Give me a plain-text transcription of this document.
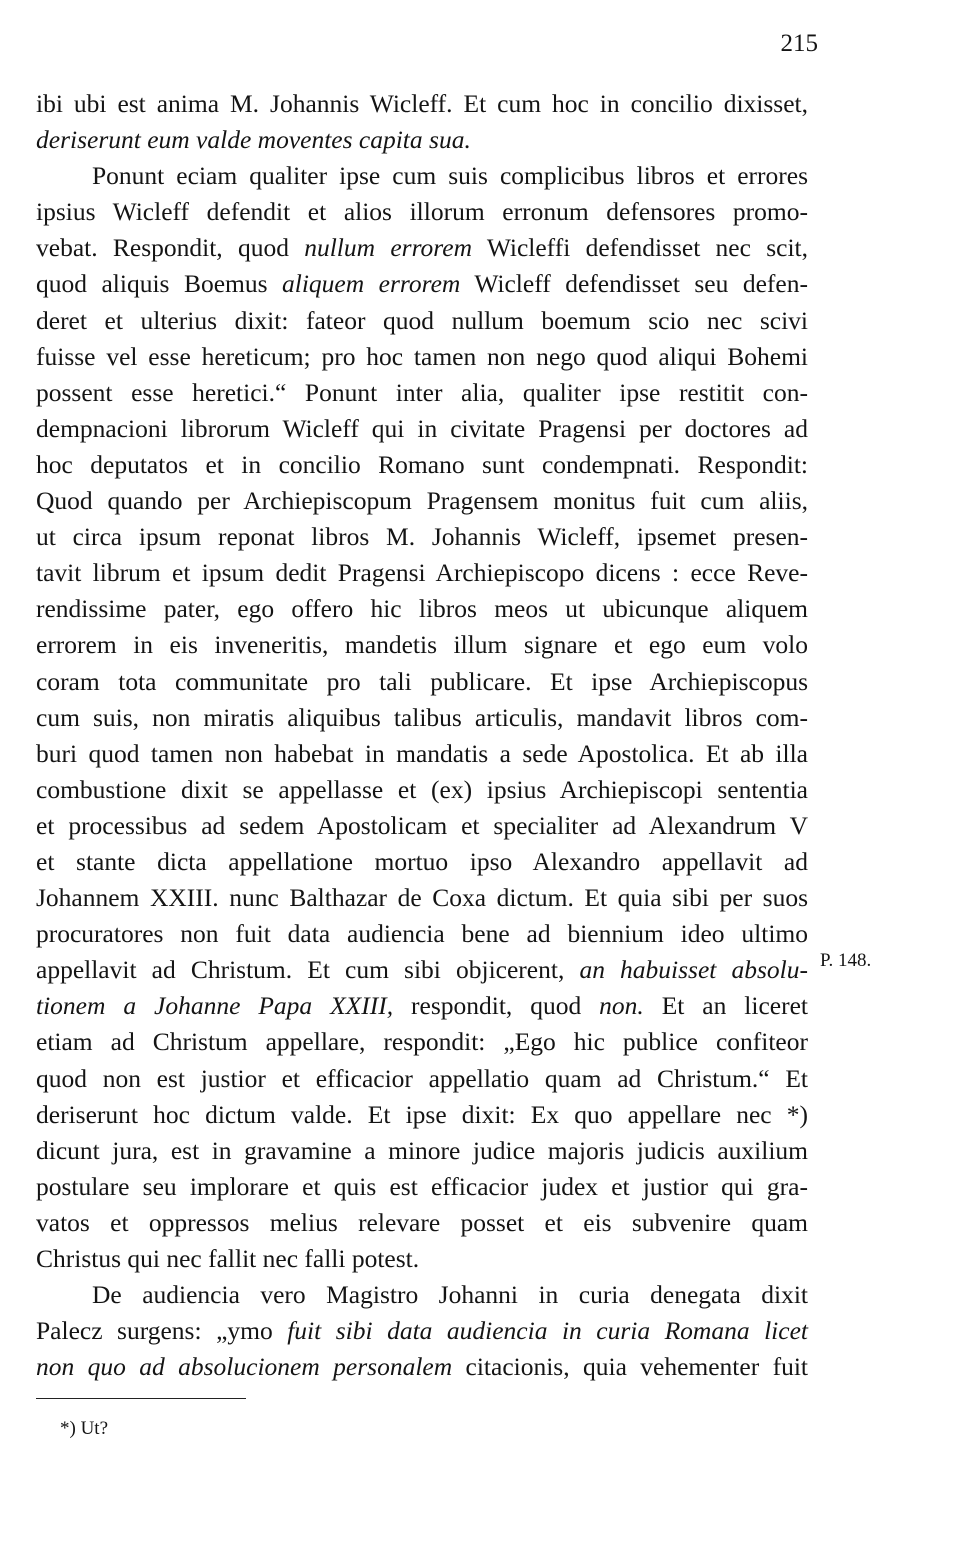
215
ibi ubi est anima M. Johannis Wicleff. Et cum hoc in concilio dixisset,
deriserunt eum valde moventes capita sua.
Ponunt eciam qualiter ipse cum suis complicibus libros et errores
ipsius Wicleff defendit et alios illorum erronum defensores promo-
vebat. Respondit, quod nullum errorem Wicleffi defendisset nec scit,
quod aliquis Boemus aliquem errorem Wicleff defendisset seu defen-
deret et ulterius dixit: fateor quod nullum boemum scio nec scivi
fuisse vel esse hereticum; pro hoc tamen non nego quod aliqui Bohemi
possent esse heretici.“ Ponunt inter alia, qualiter ipse restitit con-
dempnacioni librorum Wicleff qui in civitate Pragensi per doctores ad
hoc deputatos et in concilio Romano sunt condempnati. Respondit:
Quod quando per Archiepiscopum Pragensem monitus fuit cum aliis,
ut circa ipsum reponat libros M. Johannis Wicleff, ipsemet presen-
tavit librum et ipsum dedit Pragensi Archiepiscopo dicens : ecce Reve-
rendissime pater, ego offero hic libros meos ut ubicunque aliquem
errorem in eis inveneritis, mandetis illum signare et ego eum volo
coram tota communitate pro tali publicare. Et ipse Archiepiscopus
cum suis, non miratis aliquibus talibus articulis, mandavit libros com-
buri quod tamen non habebat in mandatis a sede Apostolica. Et ab illa
combustione dixit se appellasse et (ex) ipsius Archiepiscopi sententia
et processibus ad sedem Apostolicam et specialiter ad Alexandrum V
et stante dicta appellatione mortuo ipso Alexandro appellavit ad
Johannem XXIII. nunc Balthazar de Coxa dictum. Et quia sibi per suos
procuratores non fuit data audiencia bene ad biennium ideo ultimo
appellavit ad Christum. Et cum sibi objicerent, an habuisset absolu-
tionem a Johanne Papa XXIII, respondit, quod non. Et an liceret
etiam ad Christum appellare, respondit: „Ego hic publice confiteor
quod non est justior et efficacior appellatio quam ad Christum.“ Et
deriserunt hoc dictum valde. Et ipse dixit: Ex quo appellare nec *)
dicunt jura, est in gravamine a minore judice majoris judicis auxilium
postulare seu implorare et quis est efficacior judex et justior qui gra-
vatos et oppressos melius relevare posset et eis subvenire quam
Christus qui nec fallit nec falli potest.
De audiencia vero Magistro Johanni in curia denegata dixit
Palecz surgens: „ymo fuit sibi data audiencia in curia Romana licet
non quo ad absolucionem personalem citacionis, quia vehementer fuit
P. 148.
*) Ut?
